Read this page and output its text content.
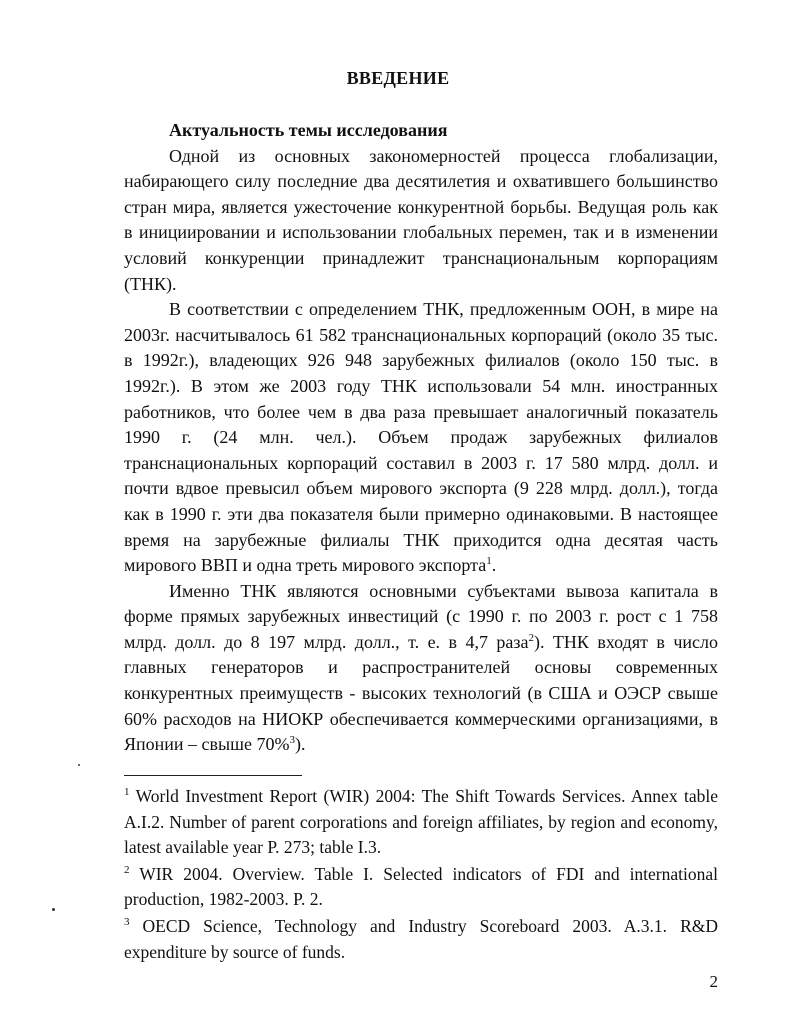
ВВЕДЕНИЕ

Актуальность темы исследования

Одной из основных закономерностей процесса глобализации, набирающего силу последние два десятилетия и охватившего большинство стран мира, является ужесточение конкурентной борьбы. Ведущая роль как в инициировании и использовании глобальных перемен, так и в изменении условий конкуренции принадлежит транснациональным корпорациям (ТНК).

В соответствии с определением ТНК, предложенным ООН, в мире на 2003г. насчитывалось 61 582 транснациональных корпораций (около 35 тыс. в 1992г.), владеющих 926 948 зарубежных филиалов (около 150 тыс. в 1992г.). В этом же 2003 году ТНК использовали 54 млн. иностранных работников, что более чем в два раза превышает аналогичный показатель 1990 г. (24 млн. чел.). Объем продаж зарубежных филиалов транснациональных корпораций составил в 2003 г. 17 580 млрд. долл. и почти вдвое превысил объем мирового экспорта (9 228 млрд. долл.), тогда как в 1990 г. эти два показателя были примерно одинаковыми. В настоящее время на зарубежные филиалы ТНК приходится одна десятая часть мирового ВВП и одна треть мирового экспорта$^1$.

Именно ТНК являются основными субъектами вывоза капитала в форме прямых зарубежных инвестиций (с 1990 г. по 2003 г. рост с 1 758 млрд. долл. до 8 197 млрд. долл., т. е. в 4,7 раза$^2$). ТНК входят в число главных генераторов и распространителей основы современных конкурентных преимуществ - высоких технологий (в США и ОЭСР свыше 60% расходов на НИОКР обеспечивается коммерческими организациями, в Японии – свыше 70%$^3$).

$^1$ World Investment Report (WIR) 2004: The Shift Towards Services. Annex table A.I.2. Number of parent corporations and foreign affiliates, by region and economy, latest available year P. 273; table I.3.

$^2$ WIR 2004. Overview. Table I. Selected indicators of FDI and international production, 1982-2003. P. 2.

$^3$ OECD Science, Technology and Industry Scoreboard 2003. A.3.1. R&D expenditure by source of funds.

2
